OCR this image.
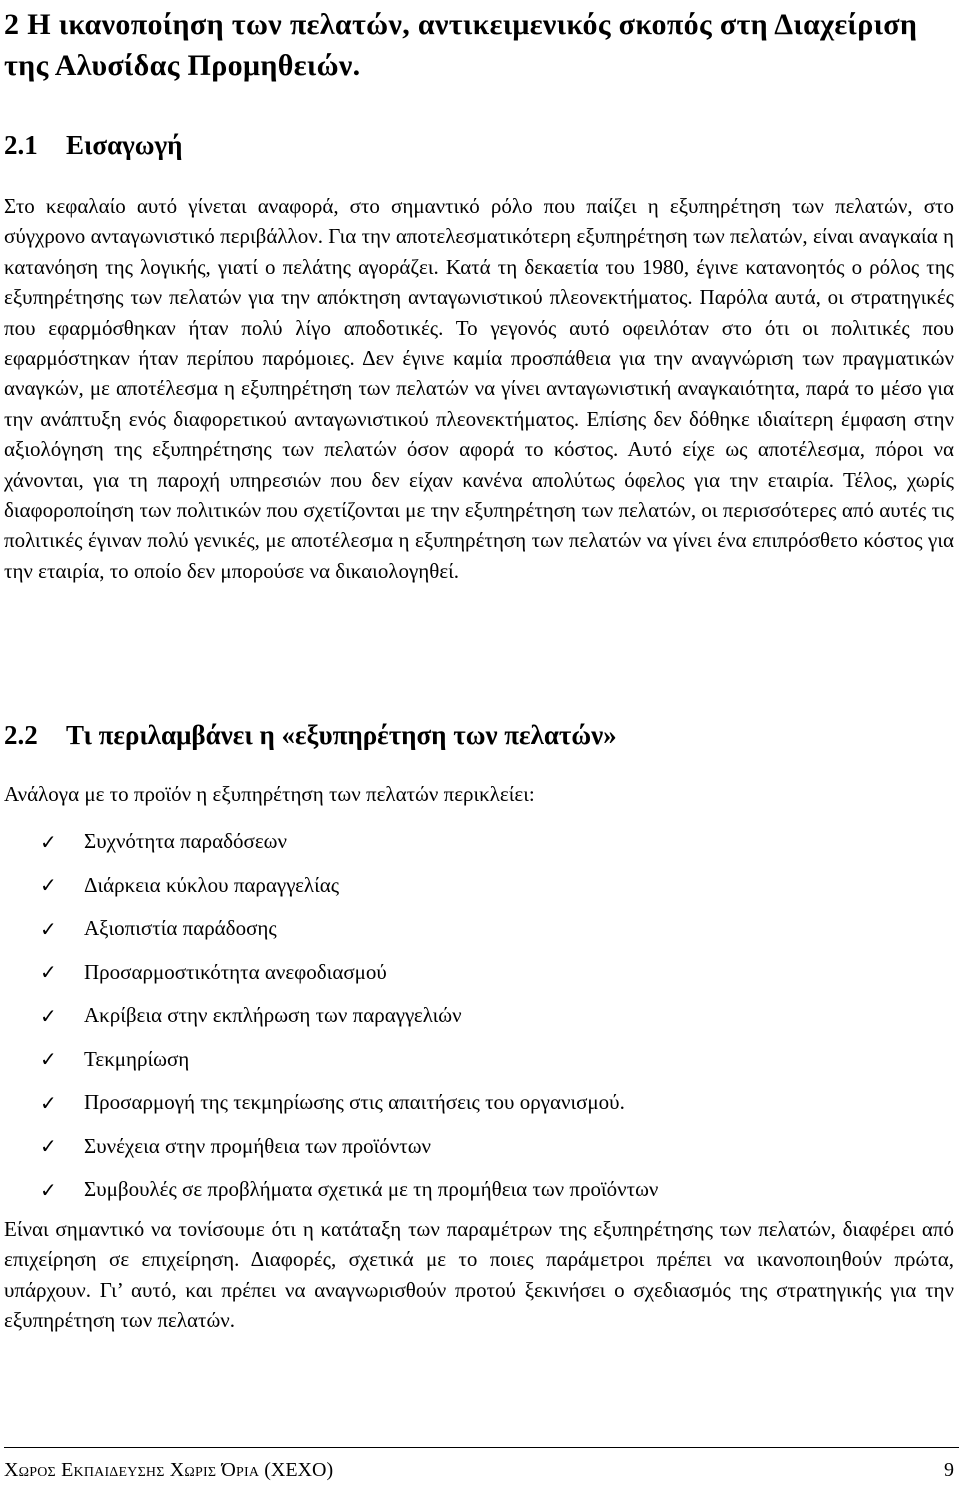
2 Η ικανοποίηση των πελατών, αντικειμενικός σκοπός στη Διαχείριση της Αλυσίδας Προμηθειών.
2.1 Εισαγωγή

Στο κεφαλαίο αυτό γίνεται αναφορά, στο σημαντικό ρόλο που παίζει η εξυπηρέτηση των πελατών, στο σύγχρονο ανταγωνιστικό περιβάλλον. Για την αποτελεσματικότερη εξυπηρέτηση των πελατών, είναι αναγκαία η κατανόηση της λογικής, γιατί ο πελάτης αγοράζει. Κατά τη δεκαετία του 1980, έγινε κατανοητός ο ρόλος της εξυπηρέτησης των πελατών για την απόκτηση ανταγωνιστικού πλεονεκτήματος. Παρόλα αυτά, οι στρατηγικές που εφαρμόσθηκαν ήταν πολύ λίγο αποδοτικές. Το γεγονός αυτό οφειλόταν στο ότι οι πολιτικές που εφαρμόστηκαν ήταν περίπου παρόμοιες. Δεν έγινε καμία προσπάθεια για την αναγνώριση των πραγματικών αναγκών, με αποτέλεσμα η εξυπηρέτηση των πελατών να γίνει ανταγωνιστική αναγκαιότητα, παρά το μέσο για την ανάπτυξη ενός διαφορετικού ανταγωνιστικού πλεονεκτήματος. Επίσης δεν δόθηκε ιδιαίτερη έμφαση στην αξιολόγηση της εξυπηρέτησης των πελατών όσον αφορά το κόστος. Αυτό είχε ως αποτέλεσμα, πόροι να χάνονται, για τη παροχή υπηρεσιών που δεν είχαν κανένα απολύτως όφελος για την εταιρία. Τέλος, χωρίς διαφοροποίηση των πολιτικών που σχετίζονται με την εξυπηρέτηση των πελατών, οι περισσότερες από αυτές τις πολιτικές έγιναν πολύ γενικές, με αποτέλεσμα η εξυπηρέτηση των πελατών να γίνει ένα επιπρόσθετο κόστος για την εταιρία, το οποίο δεν μπορούσε να δικαιολογηθεί.

2.2 Τι περιλαμβάνει η «εξυπηρέτηση των πελατών»

Ανάλογα με το προϊόν η εξυπηρέτηση των πελατών περικλείει:

✓	Συχνότητα παραδόσεων
✓	Διάρκεια κύκλου παραγγελίας
✓	Αξιοπιστία παράδοσης
✓	Προσαρμοστικότητα ανεφοδιασμού
✓	Ακρίβεια στην εκπλήρωση των παραγγελιών
✓	Τεκμηρίωση
✓	Προσαρμογή της τεκμηρίωσης στις απαιτήσεις του οργανισμού.
✓	Συνέχεια στην προμήθεια των προϊόντων
✓	Συμβουλές σε προβλήματα σχετικά με τη προμήθεια των προϊόντων

Είναι σημαντικό να τονίσουμε ότι η κατάταξη των παραμέτρων της εξυπηρέτησης των πελατών, διαφέρει από επιχείρηση σε επιχείρηση. Διαφορές, σχετικά με το ποιες παράμετροι πρέπει να ικανοποιηθούν πρώτα, υπάρχουν. Γι’ αυτό, και πρέπει να αναγνωρισθούν προτού ξεκινήσει ο σχεδιασμός της στρατηγικής για την εξυπηρέτηση των πελατών.

Χωρος Εκπαιδευσης Χωρις Όρια (ΧΕΧΟ)	9
